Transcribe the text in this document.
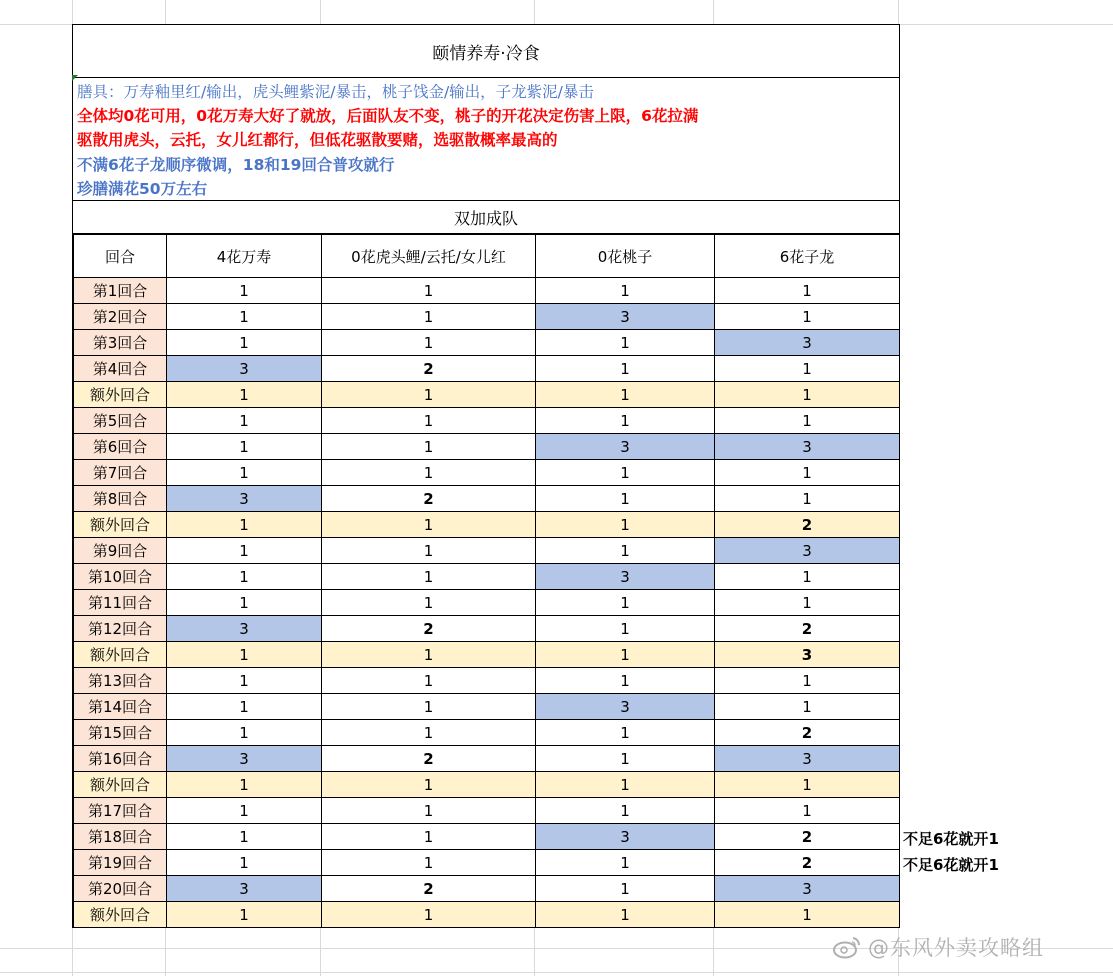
颐情养寿·冷食
膳具：万寿釉里红/输出，虎头鲤紫泥/暴击，桃子饯金/输出，子龙紫泥/暴击
全体均0花可用，0花万寿大好了就放，后面队友不变，桃子的开花决定伤害上限，6花拉满
驱散用虎头，云托，女儿红都行，但低花驱散要赌，选驱散概率最高的
不满6花子龙顺序微调，18和19回合普攻就行
珍膳满花50万左右
双加成队
回合	4花万寿	0花虎头鲤/云托/女儿红	0花桃子	6花子龙
第1回合	1	1	1	1
第2回合	1	1	3	1
第3回合	1	1	1	3
第4回合	3	2	1	1
额外回合	1	1	1	1
第5回合	1	1	1	1
第6回合	1	1	3	3
第7回合	1	1	1	1
第8回合	3	2	1	1
额外回合	1	1	1	2
第9回合	1	1	1	3
第10回合	1	1	3	1
第11回合	1	1	1	1
第12回合	3	2	1	2
额外回合	1	1	1	3
第13回合	1	1	1	1
第14回合	1	1	3	1
第15回合	1	1	1	2
第16回合	3	2	1	3
额外回合	1	1	1	1
第17回合	1	1	1	1
第18回合	1	1	3	2
第19回合	1	1	1	2
第20回合	3	2	1	3
额外回合	1	1	1	1
不足6花就开1
不足6花就开1
@东风外卖攻略组
